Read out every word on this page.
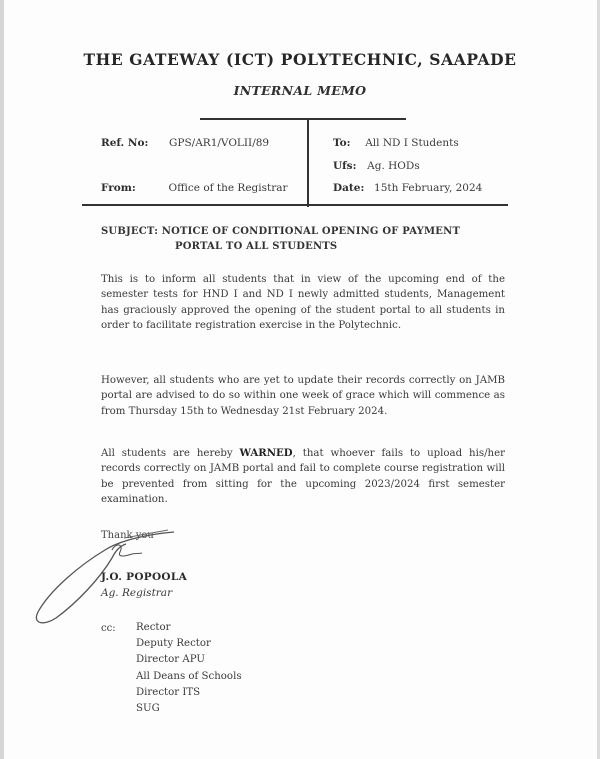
THE GATEWAY (ICT) POLYTECHNIC, SAAPADE
INTERNAL MEMO
Ref. No: GPS/AR1/VOLII/89
From:	Office of the Registrar
To: All ND I Students
Ufs: Ag. HODs
Date: 15th February, 2024
SUBJECT: NOTICE OF CONDITIONAL OPENING OF PAYMENT
PORTAL TO ALL STUDENTS
This is to inform all students that in view of the upcoming end of the semester tests for HND I and ND I newly admitted students, Management has graciously approved the opening of the student portal to all students in order to facilitate registration exercise in the Polytechnic.
However, all students who are yet to update their records correctly on JAMB portal are advised to do so within one week of grace which will commence as from Thursday 15th to Wednesday 21st February 2024.
All students are hereby WARNED, that whoever fails to upload his/her records correctly on JAMB portal and fail to complete course registration will be prevented from sitting for the upcoming 2023/2024 first semester examination.
Thank you
J.O. POPOOLA
Ag. Registrar
cc: Rector
Deputy Rector
Director APU
All Deans of Schools
Director ITS
SUG
